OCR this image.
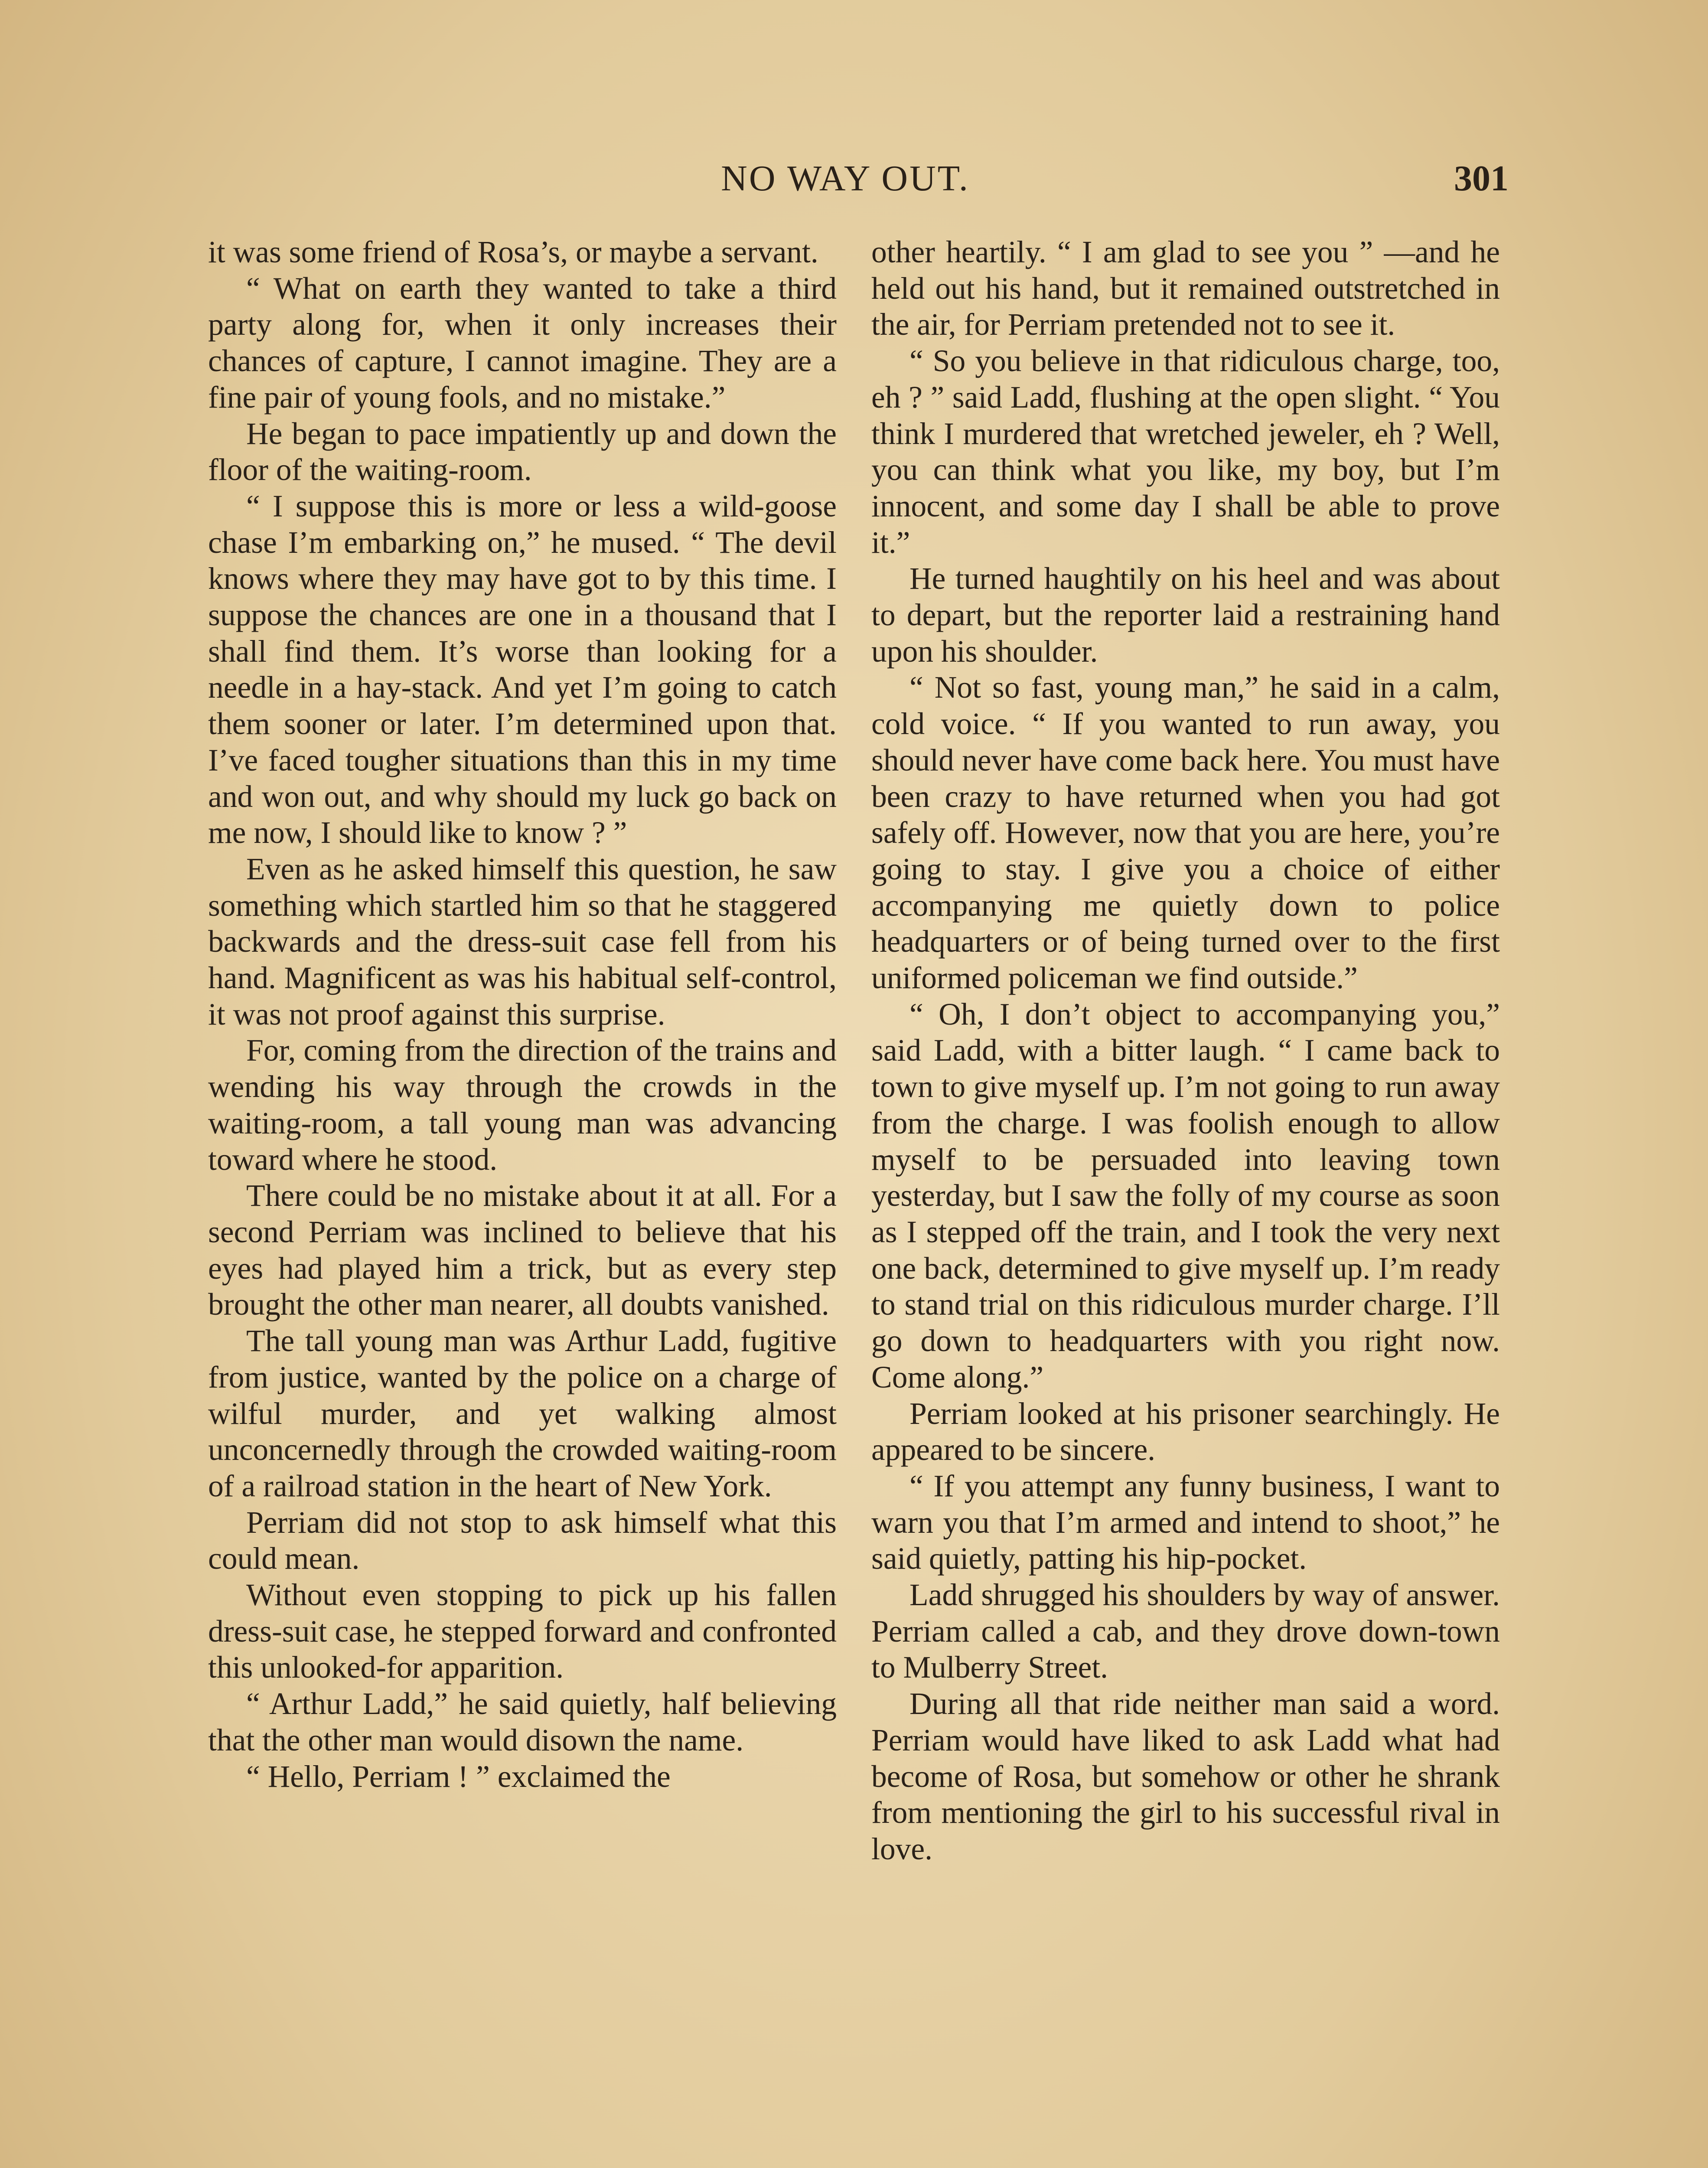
NO WAY OUT.	301

it was some friend of Rosa’s, or maybe a servant.

“ What on earth they wanted to take a third party along for, when it only increases their chances of capture, I cannot imagine. They are a fine pair of young fools, and no mistake.”

He began to pace impatiently up and down the floor of the waiting-room.

“ I suppose this is more or less a wild-goose chase I’m embarking on,” he mused. “ The devil knows where they may have got to by this time. I suppose the chances are one in a thousand that I shall find them. It’s worse than looking for a needle in a hay-stack. And yet I’m going to catch them sooner or later. I’m determined upon that. I’ve faced tougher situations than this in my time and won out, and why should my luck go back on me now, I should like to know ? ”

Even as he asked himself this question, he saw something which startled him so that he staggered backwards and the dress-suit case fell from his hand. Magnificent as was his habitual self-control, it was not proof against this surprise.

For, coming from the direction of the trains and wending his way through the crowds in the waiting-room, a tall young man was advancing toward where he stood.

There could be no mistake about it at all. For a second Perriam was inclined to believe that his eyes had played him a trick, but as every step brought the other man nearer, all doubts vanished.

The tall young man was Arthur Ladd, fugitive from justice, wanted by the police on a charge of wilful murder, and yet walking almost unconcernedly through the crowded waiting-room of a railroad station in the heart of New York.

Perriam did not stop to ask himself what this could mean.

Without even stopping to pick up his fallen dress-suit case, he stepped forward and confronted this unlooked-for apparition.

“ Arthur Ladd,” he said quietly, half believing that the other man would disown the name.

“ Hello, Perriam ! ” exclaimed the

other heartily. “ I am glad to see you ” —and he held out his hand, but it remained outstretched in the air, for Perriam pretended not to see it.

“ So you believe in that ridiculous charge, too, eh ? ” said Ladd, flushing at the open slight. “ You think I murdered that wretched jeweler, eh ? Well, you can think what you like, my boy, but I’m innocent, and some day I shall be able to prove it.”

He turned haughtily on his heel and was about to depart, but the reporter laid a restraining hand upon his shoulder.

“ Not so fast, young man,” he said in a calm, cold voice. “ If you wanted to run away, you should never have come back here. You must have been crazy to have returned when you had got safely off. However, now that you are here, you’re going to stay. I give you a choice of either accompanying me quietly down to police headquarters or of being turned over to the first uniformed policeman we find outside.”

“ Oh, I don’t object to accompanying you,” said Ladd, with a bitter laugh. “ I came back to town to give myself up. I’m not going to run away from the charge. I was foolish enough to allow myself to be persuaded into leaving town yesterday, but I saw the folly of my course as soon as I stepped off the train, and I took the very next one back, determined to give myself up. I’m ready to stand trial on this ridiculous murder charge. I’ll go down to headquarters with you right now. Come along.”

Perriam looked at his prisoner searchingly. He appeared to be sincere.

“ If you attempt any funny business, I want to warn you that I’m armed and intend to shoot,” he said quietly, patting his hip-pocket.

Ladd shrugged his shoulders by way of answer. Perriam called a cab, and they drove down-town to Mulberry Street.

During all that ride neither man said a word. Perriam would have liked to ask Ladd what had become of Rosa, but somehow or other he shrank from mentioning the girl to his successful rival in love.
